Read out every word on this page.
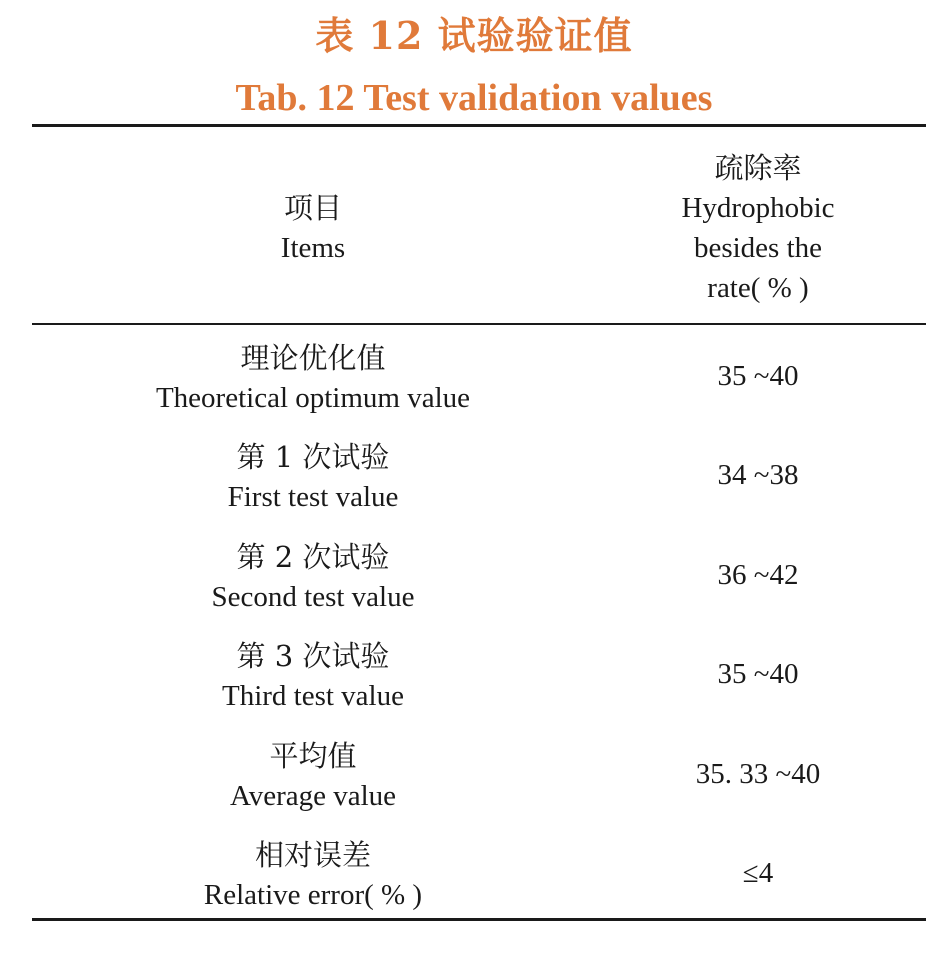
表 12 试验验证值
Tab. 12 Test validation values
项目
Items
疏除率
Hydrophobic
besides the
rate( % )
理论优化值
Theoretical optimum value
35 ~40
第 1 次试验
First test value
34 ~38
第 2 次试验
Second test value
36 ~42
第 3 次试验
Third test value
35 ~40
平均值
Average value
35. 33 ~40
相对误差
Relative error( % )
≤4
